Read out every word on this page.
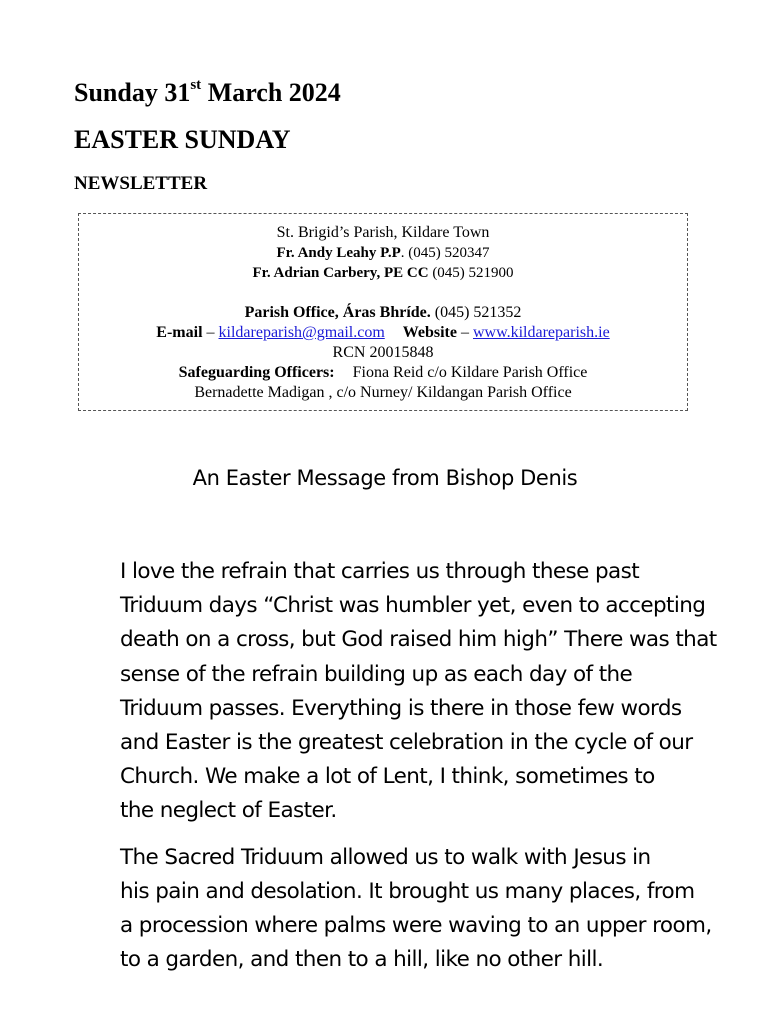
Sunday 31st March 2024
EASTER SUNDAY
NEWSLETTER
St. Brigid’s Parish, Kildare Town
Fr. Andy Leahy P.P. (045) 520347
Fr. Adrian Carbery, PE CC (045) 521900
Parish Office, Áras Bhríde. (045) 521352
E-mail – kildareparish@gmail.com Website – www.kildareparish.ie
RCN 20015848
Safeguarding Officers: Fiona Reid c/o Kildare Parish Office
Bernadette Madigan , c/o Nurney/ Kildangan Parish Office
An Easter Message from Bishop Denis

I love the refrain that carries us through these past
Triduum days “Christ was humbler yet, even to accepting
death on a cross, but God raised him high” There was that
sense of the refrain building up as each day of the
Triduum passes. Everything is there in those few words
and Easter is the greatest celebration in the cycle of our
Church. We make a lot of Lent, I think, sometimes to
the neglect of Easter.

The Sacred Triduum allowed us to walk with Jesus in
his pain and desolation. It brought us many places, from
a procession where palms were waving to an upper room,
to a garden, and then to a hill, like no other hill.
